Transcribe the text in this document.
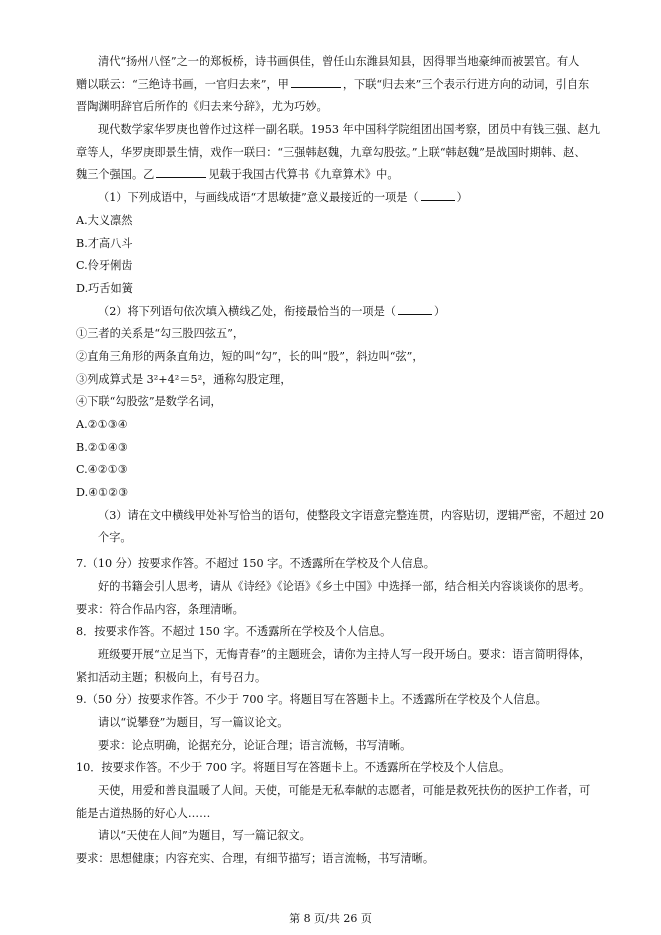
清代“扬州八怪”之一的郑板桥，诗书画俱佳，曾任山东潍县知县，因得罪当地豪绅而被罢官。有人
赠以联云：“三绝诗书画，一官归去来”，甲	，下联“归去来”三个表示行进方向的动词，引自东
晋陶渊明辞官后所作的《归去来兮辞》，尤为巧妙。
现代数学家华罗庚也曾作过这样一副名联。1953 年中国科学院组团出国考察，团员中有钱三强、赵九
章等人，华罗庚即景生情，戏作一联曰：“三强韩赵魏，九章勾股弦。”上联“韩赵魏”是战国时期韩、赵、
魏三个强国。乙	见载于我国古代算书《九章算术》中。
（1）下列成语中，与画线成语“才思敏捷”意义最接近的一项是（	）
A.大义凛然
B.才高八斗
C.伶牙俐齿
D.巧舌如簧
（2）将下列语句依次填入横线乙处，衔接最恰当的一项是（	）
①三者的关系是“勾三股四弦五”，
②直角三角形的两条直角边，短的叫“勾”，长的叫“股”，斜边叫“弦”，
③列成算式是 3²+4²＝5²，通称勾股定理，
④下联“勾股弦”是数学名词，
A.②①③④
B.②①④③
C.④②①③
D.④①②③
（3）请在文中横线甲处补写恰当的语句，使整段文字语意完整连贯，内容贴切，逻辑严密，不超过 20
个字。
7.（10 分）按要求作答。不超过 150 字。不透露所在学校及个人信息。
好的书籍会引人思考，请从《诗经》《论语》《乡土中国》中选择一部，结合相关内容谈谈你的思考。
要求：符合作品内容，条理清晰。
8．按要求作答。不超过 150 字。不透露所在学校及个人信息。
班级要开展“立足当下，无悔青春”的主题班会，请你为主持人写一段开场白。要求：语言简明得体，
紧扣活动主题；积极向上，有号召力。
9.（50 分）按要求作答。不少于 700 字。将题目写在答题卡上。不透露所在学校及个人信息。
请以“说攀登”为题目，写一篇议论文。
要求：论点明确，论据充分，论证合理；语言流畅，书写清晰。
10．按要求作答。不少于 700 字。将题目写在答题卡上。不透露所在学校及个人信息。
天使，用爱和善良温暖了人间。天使，可能是无私奉献的志愿者，可能是救死扶伤的医护工作者，可
能是古道热肠的好心人……
请以“天使在人间”为题目，写一篇记叙文。
要求：思想健康；内容充实、合理，有细节描写；语言流畅，书写清晰。
第 8 页/共 26 页
